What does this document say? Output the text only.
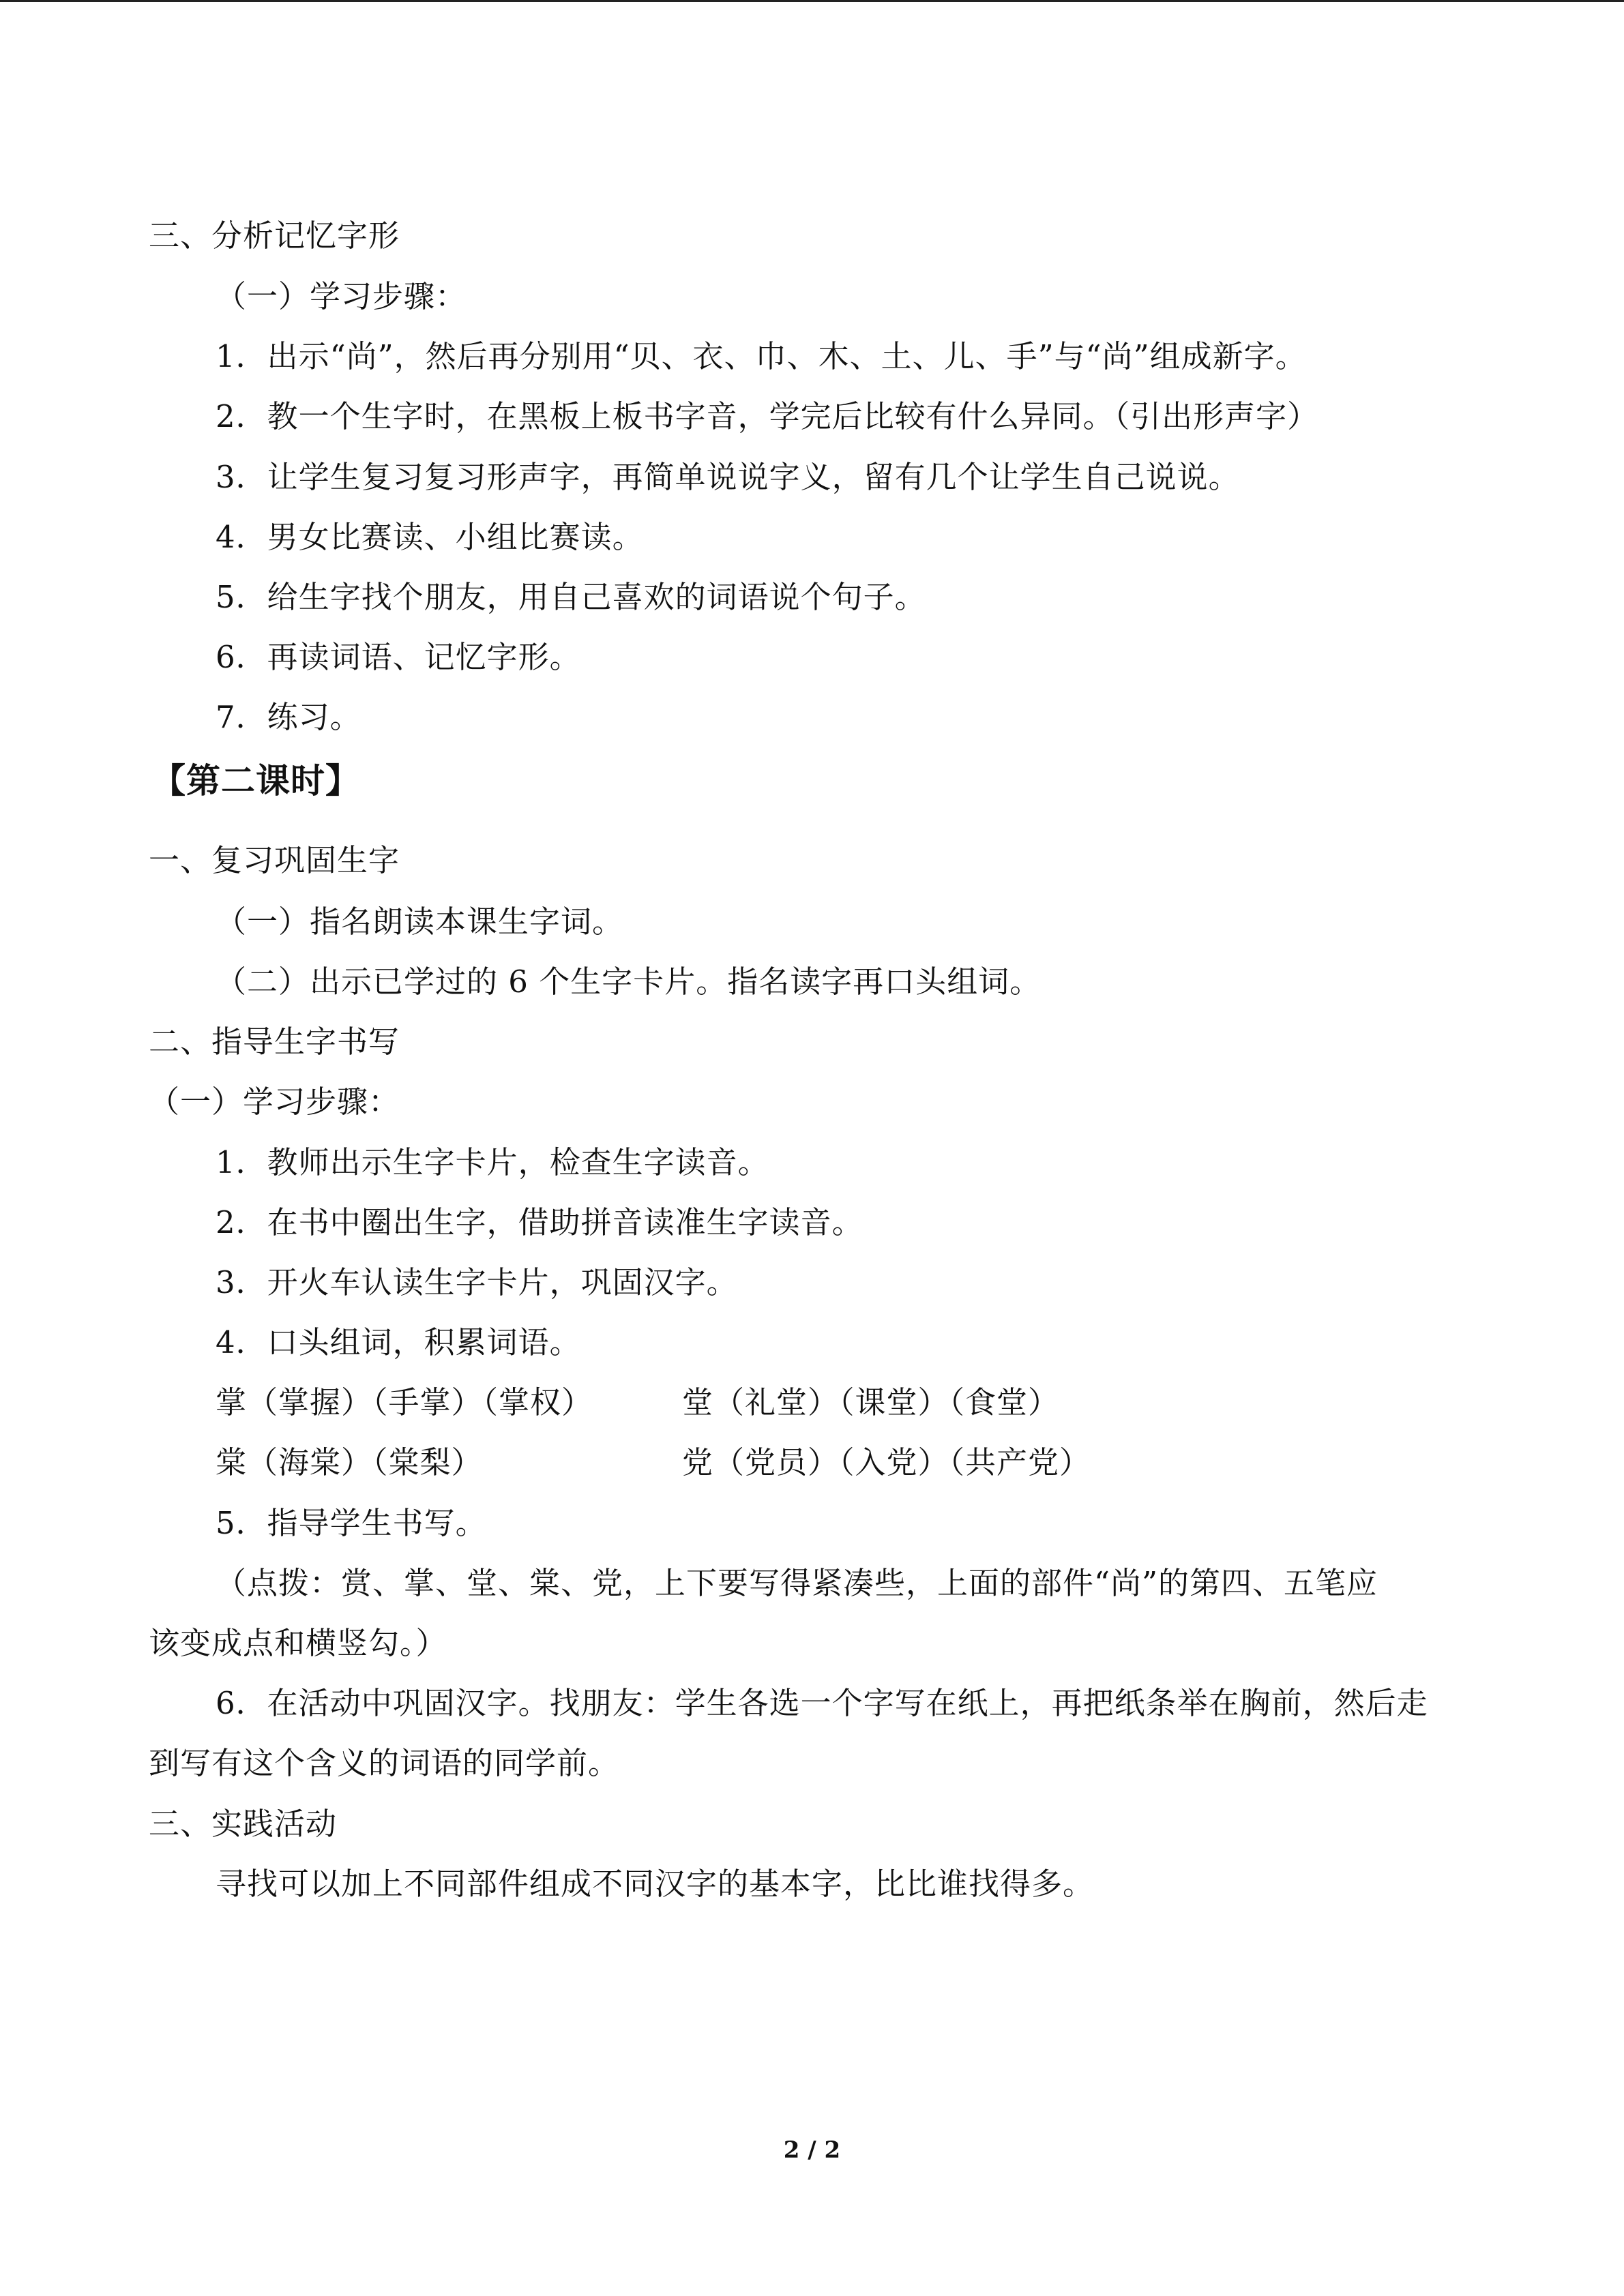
三、分析记忆字形
（一）学习步骤：
1．出示“尚”，然后再分别用“贝、衣、巾、木、土、儿、手”与“尚”组成新字。
2．教一个生字时，在黑板上板书字音，学完后比较有什么异同。（引出形声字）
3．让学生复习复习形声字，再简单说说字义，留有几个让学生自己说说。
4．男女比赛读、小组比赛读。
5．给生字找个朋友，用自己喜欢的词语说个句子。
6．再读词语、记忆字形。
7．练习。
【第二课时】
一、复习巩固生字
（一）指名朗读本课生字词。
（二）出示已学过的 6 个生字卡片。指名读字再口头组词。
二、指导生字书写
（一）学习步骤：
1．教师出示生字卡片，检查生字读音。
2．在书中圈出生字，借助拼音读准生字读音。
3．开火车认读生字卡片，巩固汉字。
4．口头组词，积累词语。
掌（掌握）（手掌）（掌权）	堂（礼堂）（课堂）（食堂）
棠（海棠）（棠梨）	党（党员）（入党）（共产党）
5．指导学生书写。
（点拨：赏、掌、堂、棠、党，上下要写得紧凑些，上面的部件“尚”的第四、五笔应
该变成点和横竖勾。）
6．在活动中巩固汉字。找朋友：学生各选一个字写在纸上，再把纸条举在胸前，然后走
到写有这个含义的词语的同学前。
三、实践活动
寻找可以加上不同部件组成不同汉字的基本字，比比谁找得多。
2 / 2
